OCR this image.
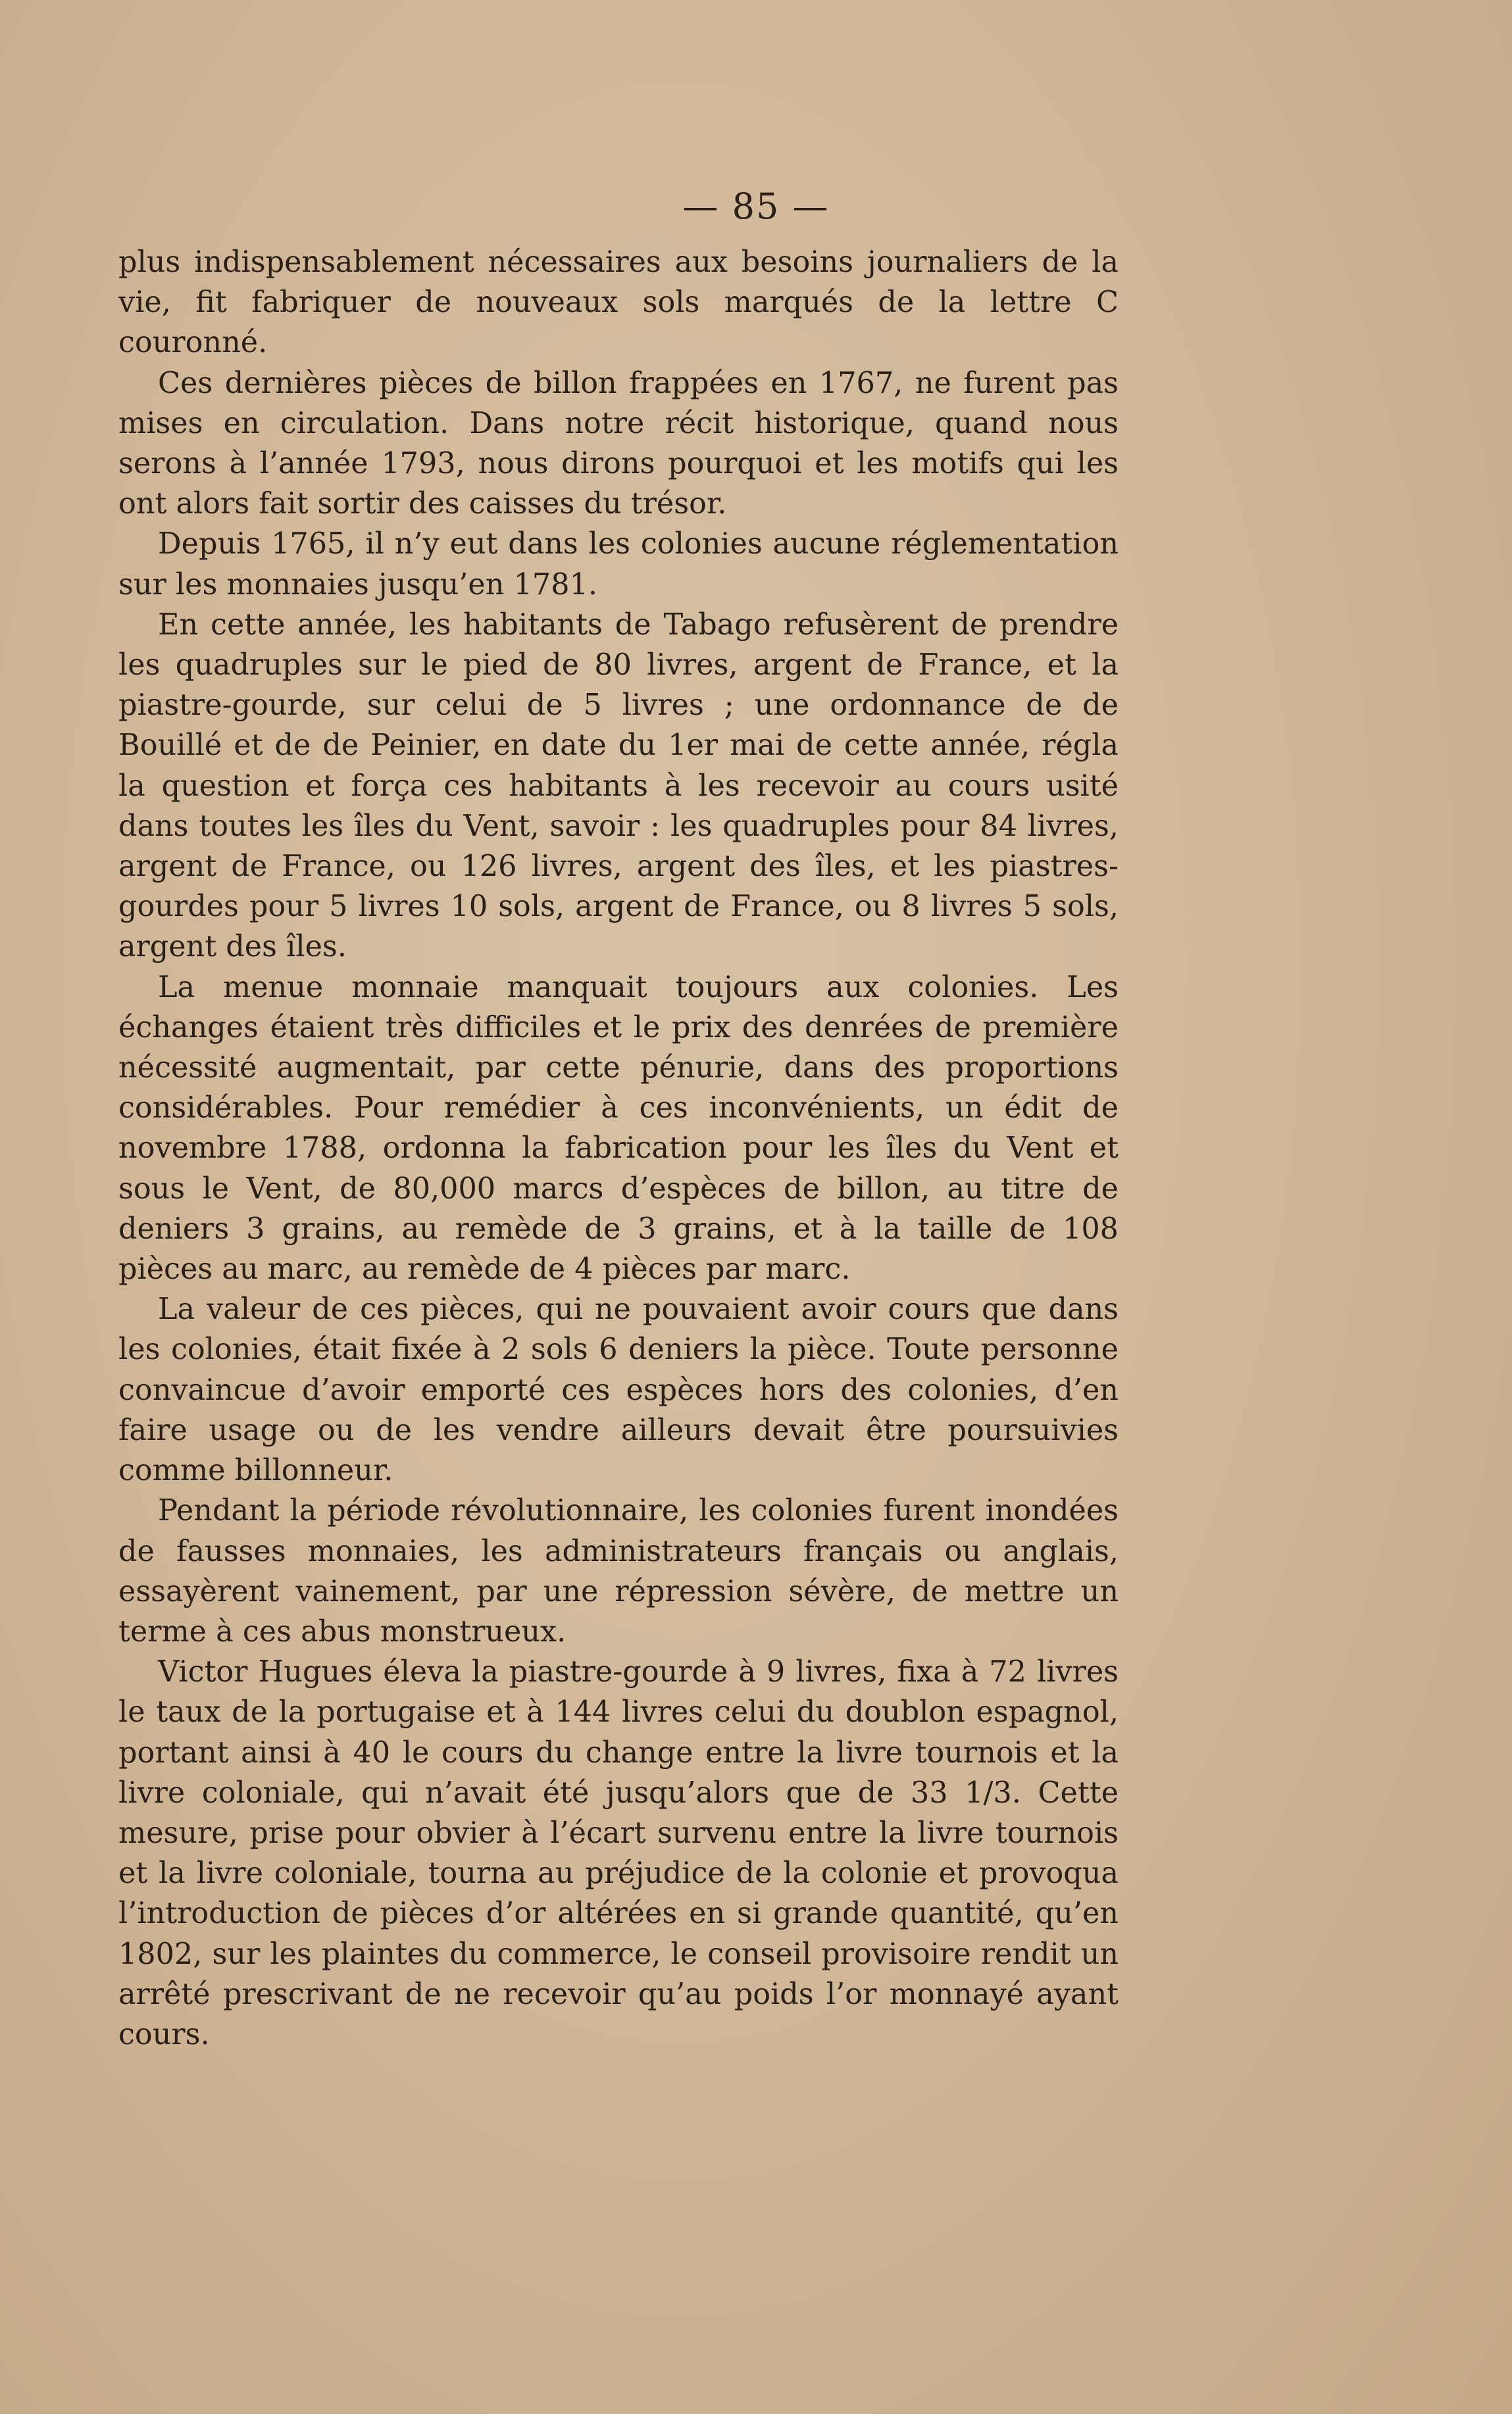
— 85 —

plus indispensablement nécessaires aux besoins journaliers de la vie, fit fabriquer de nouveaux sols marqués de la lettre C couronné.

Ces dernières pièces de billon frappées en 1767, ne furent pas mises en circulation. Dans notre récit historique, quand nous serons à l’année 1793, nous dirons pourquoi et les motifs qui les ont alors fait sortir des caisses du trésor.

Depuis 1765, il n’y eut dans les colonies aucune réglementation sur les monnaies jusqu’en 1781.

En cette année, les habitants de Tabago refusèrent de prendre les quadruples sur le pied de 80 livres, argent de France, et la piastre-gourde, sur celui de 5 livres ; une ordonnance de de Bouillé et de de Peinier, en date du 1er mai de cette année, régla la question et força ces habitants à les recevoir au cours usité dans toutes les îles du Vent, savoir : les quadruples pour 84 livres, argent de France, ou 126 livres, argent des îles, et les piastres-gourdes pour 5 livres 10 sols, argent de France, ou 8 livres 5 sols, argent des îles.

La menue monnaie manquait toujours aux colonies. Les échanges étaient très difficiles et le prix des denrées de première nécessité augmentait, par cette pénurie, dans des proportions considérables. Pour remédier à ces inconvénients, un édit de novembre 1788, ordonna la fabrication pour les îles du Vent et sous le Vent, de 80,000 marcs d’espèces de billon, au titre de deniers 3 grains, au remède de 3 grains, et à la taille de 108 pièces au marc, au remède de 4 pièces par marc.

La valeur de ces pièces, qui ne pouvaient avoir cours que dans les colonies, était fixée à 2 sols 6 deniers la pièce. Toute personne convaincue d’avoir emporté ces espèces hors des colonies, d’en faire usage ou de les vendre ailleurs devait être poursuivies comme billonneur.

Pendant la période révolutionnaire, les colonies furent inondées de fausses monnaies, les administrateurs français ou anglais, essayèrent vainement, par une répression sévère, de mettre un terme à ces abus monstrueux.

Victor Hugues éleva la piastre-gourde à 9 livres, fixa à 72 livres le taux de la portugaise et à 144 livres celui du doublon espagnol, portant ainsi à 40 le cours du change entre la livre tournois et la livre coloniale, qui n’avait été jusqu’alors que de 33 1/3. Cette mesure, prise pour obvier à l’écart survenu entre la livre tournois et la livre coloniale, tourna au préjudice de la colonie et provoqua l’introduction de pièces d’or altérées en si grande quantité, qu’en 1802, sur les plaintes du commerce, le conseil provisoire rendit un arrêté prescrivant de ne recevoir qu’au poids l’or monnayé ayant cours.
